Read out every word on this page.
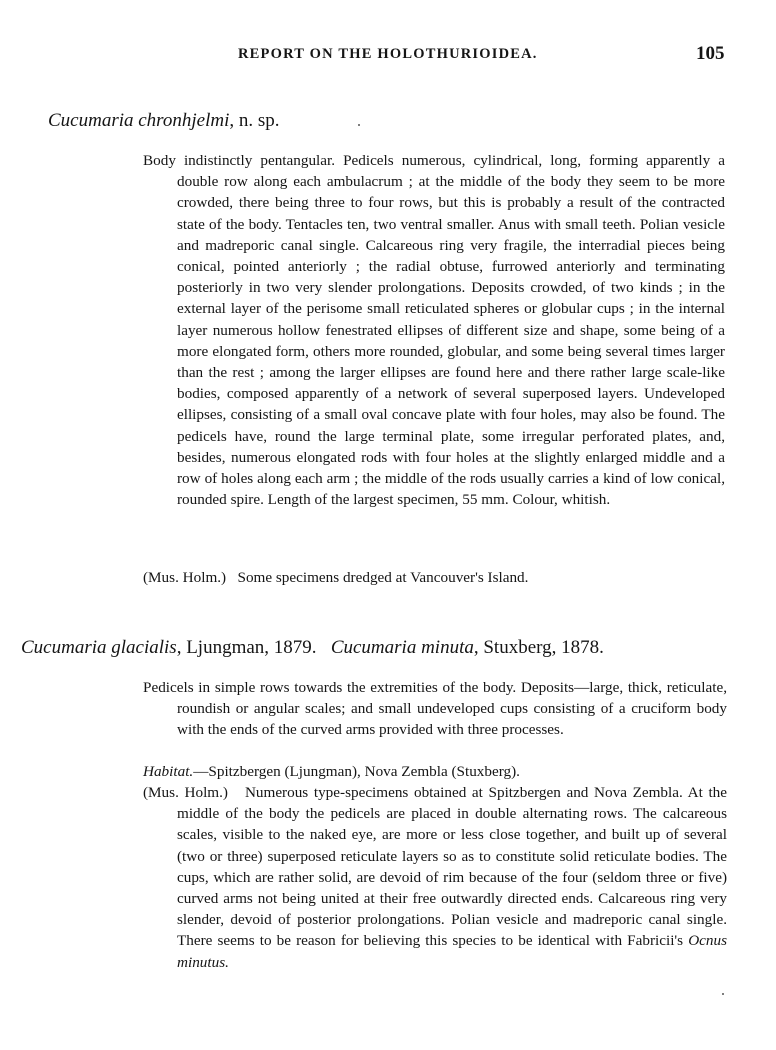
REPORT ON THE HOLOTHURIOIDEA.	105
Cucumaria chronhjelmi, n. sp.
Body indistinctly pentangular. Pedicels numerous, cylindrical, long, forming apparently a double row along each ambulacrum ; at the middle of the body they seem to be more crowded, there being three to four rows, but this is probably a result of the contracted state of the body. Tentacles ten, two ventral smaller. Anus with small teeth. Polian vesicle and madreporic canal single. Calcareous ring very fragile, the interradial pieces being conical, pointed anteriorly ; the radial obtuse, furrowed anteriorly and terminating posteriorly in two very slender prolongations. Deposits crowded, of two kinds ; in the external layer of the perisome small reticulated spheres or globular cups ; in the internal layer numerous hollow fenestrated ellipses of different size and shape, some being of a more elongated form, others more rounded, globular, and some being several times larger than the rest ; among the larger ellipses are found here and there rather large scale-like bodies, composed apparently of a network of several superposed layers. Undeveloped ellipses, consisting of a small oval concave plate with four holes, may also be found. The pedicels have, round the large terminal plate, some irregular perforated plates, and, besides, numerous elongated rods with four holes at the slightly enlarged middle and a row of holes along each arm ; the middle of the rods usually carries a kind of low conical, rounded spire. Length of the largest specimen, 55 mm. Colour, whitish.
(Mus. Holm.) Some specimens dredged at Vancouver's Island.
Cucumaria glacialis, Ljungman, 1879. Cucumaria minuta, Stuxberg, 1878.
Pedicels in simple rows towards the extremities of the body. Deposits—large, thick, reticulate, roundish or angular scales; and small undeveloped cups consisting of a cruciform body with the ends of the curved arms provided with three processes.
Habitat.—Spitzbergen (Ljungman), Nova Zembla (Stuxberg).
(Mus. Holm.) Numerous type-specimens obtained at Spitzbergen and Nova Zembla. At the middle of the body the pedicels are placed in double alternating rows. The calcareous scales, visible to the naked eye, are more or less close together, and built up of several (two or three) superposed reticulate layers so as to constitute solid reticulate bodies. The cups, which are rather solid, are devoid of rim because of the four (seldom three or five) curved arms not being united at their free outwardly directed ends. Calcareous ring very slender, devoid of posterior prolongations. Polian vesicle and madreporic canal single. There seems to be reason for believing this species to be identical with Fabricii's Ocnus minutus.
